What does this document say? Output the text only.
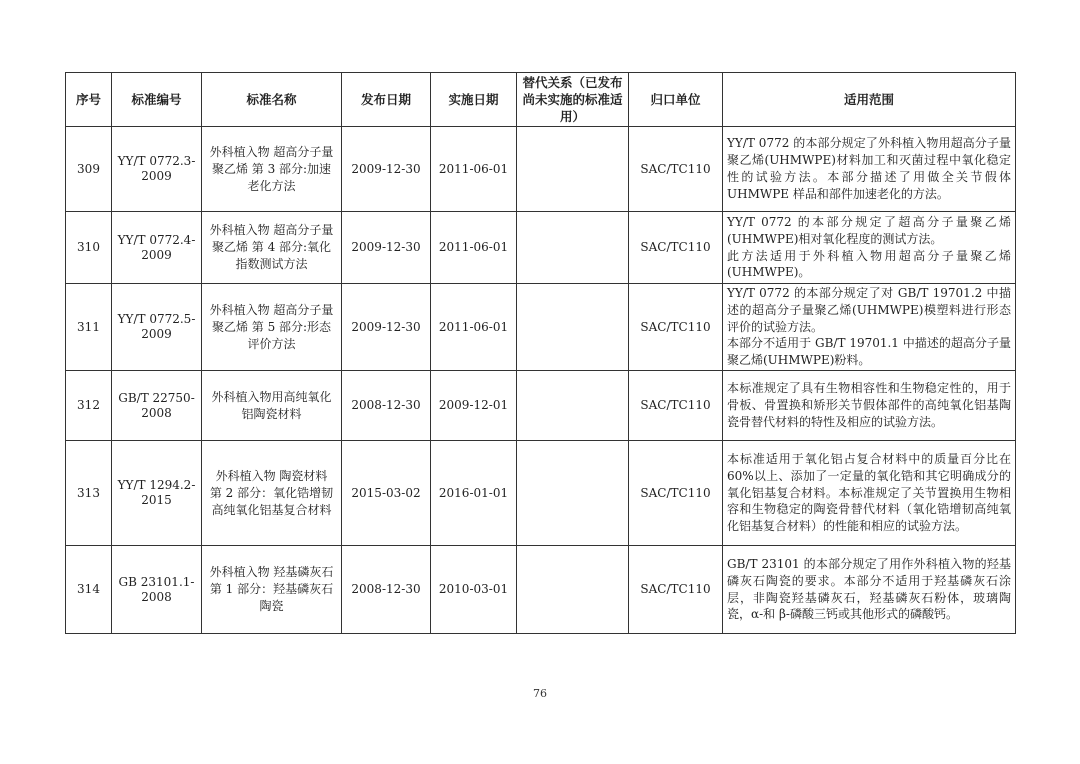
序号	标准编号	标准名称	发布日期	实施日期	替代关系（已发布尚未实施的标准适用）	归口单位	适用范围
309	YY/T 0772.3-2009	外科植入物 超高分子量聚乙烯 第 3 部分:加速老化方法	2009-12-30	2011-06-01		SAC/TC110	YY/T 0772 的本部分规定了外科植入物用超高分子量聚乙烯(UHMWPE)材料加工和灭菌过程中氧化稳定性的试验方法。本部分描述了用做全关节假体 UHMWPE 样品和部件加速老化的方法。

310	YY/T 0772.4-2009	外科植入物 超高分子量聚乙烯 第 4 部分:氧化指数测试方法	2009-12-30	2011-06-01		SAC/TC110	YY/T 0772 的本部分规定了超高分子量聚乙烯(UHMWPE)相对氧化程度的测试方法。

此方法适用于外科植入物用超高分子量聚乙烯(UHMWPE)。

311	YY/T 0772.5-2009	外科植入物 超高分子量聚乙烯 第 5 部分:形态评价方法	2009-12-30	2011-06-01		SAC/TC110	YY/T 0772 的本部分规定了对 GB/T 19701.2 中描述的超高分子量聚乙烯(UHMWPE)模塑料进行形态评价的试验方法。

本部分不适用于 GB/T 19701.1 中描述的超高分子量聚乙烯(UHMWPE)粉料。

312	GB/T 22750-2008	外科植入物用高纯氧化铝陶瓷材料	2008-12-30	2009-12-01		SAC/TC110	本标准规定了具有生物相容性和生物稳定性的，用于骨板、骨置换和矫形关节假体部件的高纯氧化铝基陶瓷骨替代材料的特性及相应的试验方法。

313	YY/T 1294.2-2015	外科植入物 陶瓷材料 第 2 部分：氧化锆增韧高纯氧化铝基复合材料	2015-03-02	2016-01-01		SAC/TC110	本标准适用于氧化铝占复合材料中的质量百分比在 60%以上、添加了一定量的氧化锆和其它明确成分的氧化铝基复合材料。本标准规定了关节置换用生物相容和生物稳定的陶瓷骨替代材料（氧化锆增韧高纯氧化铝基复合材料）的性能和相应的试验方法。

314	GB 23101.1-2008	外科植入物 羟基磷灰石 第 1 部分：羟基磷灰石陶瓷	2008-12-30	2010-03-01		SAC/TC110	GB/T 23101 的本部分规定了用作外科植入物的羟基磷灰石陶瓷的要求。本部分不适用于羟基磷灰石涂层，非陶瓷羟基磷灰石，羟基磷灰石粉体，玻璃陶瓷，α-和 β-磷酸三钙或其他形式的磷酸钙。

76
